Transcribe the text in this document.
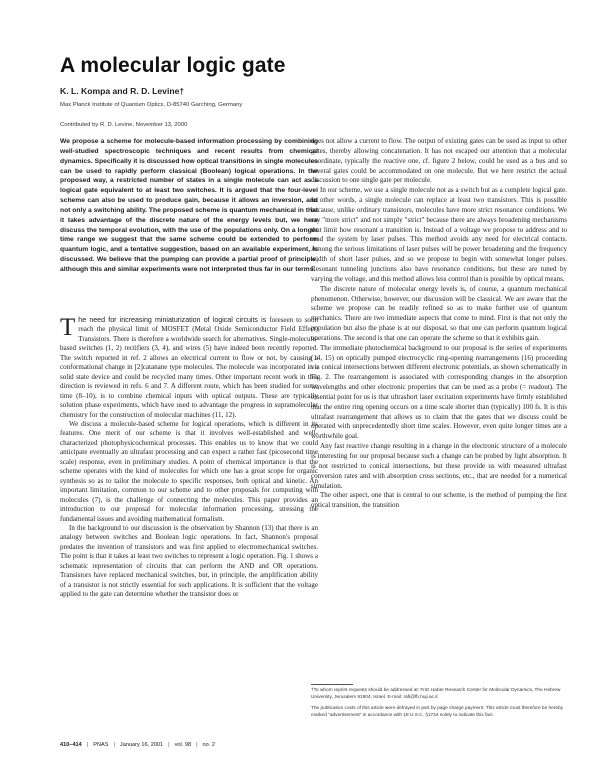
A molecular logic gate

K. L. Kompa and R. D. Levine†

Max Planck Institute of Quantum Optics, D-85740 Garching, Germany

Contributed by R. D. Levine, November 13, 2000

We propose a scheme for molecule-based information processing by combining well-studied spectroscopic techniques and recent results from chemical dynamics. Specifically it is discussed how optical transitions in single molecules can be used to rapidly perform classical (Boolean) logical operations. In the proposed way, a restricted number of states in a single molecule can act as a logical gate equivalent to at least two switches. It is argued that the four-level scheme can also be used to produce gain, because it allows an inversion, and not only a switching ability. The proposed scheme is quantum mechanical in that it takes advantage of the discrete nature of the energy levels but, we here discuss the temporal evolution, with the use of the populations only. On a longer time range we suggest that the same scheme could be extended to perform quantum logic, and a tentative suggestion, based on an available experiment, is discussed. We believe that the pumping can provide a partial proof of principle, although this and similar experiments were not interpreted thus far in our terms.

The need for increasing miniaturization of logical circuits is foreseen to soon reach the physical limit of MOSFET (Metal Oxide Semiconductor Field Effect) Transistors. There is therefore a worldwide search for alternatives. Single-molecule-based switches (1, 2) rectifiers (3, 4), and wires (5) have indeed been recently reported. The switch reported in ref. 2 allows an electrical current to flow or not, by causing a conformational change in [2]catanane type molecules. The molecule was incorporated in a solid state device and could be recycled many times. Other important recent work in this direction is reviewed in refs. 6 and 7. A different route, which has been studied for some time (8–10), is to combine chemical inputs with optical outputs. These are typically solution phase experiments, which have used to advantage the progress in supramolecular chemistry for the construction of molecular machines (11, 12).

We discuss a molecule-based scheme for logical operations, which is different in its features. One merit of our scheme is that it involves well-established and well-characterized photophysicochemical processes. This enables us to know that we could anticipate eventually an ultrafast processing and can expect a rather fast (picosecond time scale) response, even in preliminary studies. A point of chemical importance is that the scheme operates with the kind of molecules for which one has a great scope for organic synthesis so as to tailor the molecule to specific responses, both optical and kinetic. An important limitation, common to our scheme and to other proposals for computing with molecules (7), is the challenge of connecting the molecules. This paper provides an introduction to our proposal for molecular information processing, stressing the fundamental issues and avoiding mathematical formalism.

In the background to our discussion is the observation by Shannon (13) that there is an analogy between switches and Boolean logic operations. In fact, Shannon's proposal predates the invention of transistors and was first applied to electromechanical switches. The point is that it takes at least two switches to represent a logic operation. Fig. 1 shows a schematic representation of circuits that can perform the AND and OR operations. Transistors have replaced mechanical switches, but, in principle, the amplification ability of a transistor is not strictly essential for such applications. It is sufficient that the voltage applied to the gate can determine whether the transistor does or

does not allow a current to flow. The output of existing gates can be used as input to other gates, thereby allowing concatenation. It has not escaped our attention that a molecular coordinate, typically the reactive one, cf. figure 2 below, could be used as a bus and so several gates could be accommodated on one molecule. But we here restrict the actual discussion to one single gate per molecule.

In our scheme, we use a single molecule not as a switch but as a complete logical gate. In other words, a single molecule can replace at least two transistors. This is possible because, unlike ordinary transistors, molecules have more strict resonance conditions. We say "more strict" and not simply "strict" because there are always broadening mechanisms that limit how resonant a transition is. Instead of a voltage we propose to address and to read the system by laser pulses. This method avoids any need for electrical contacts. Among the serious limitations of laser pulses will be power broadening and the frequency width of short laser pulses, and so we propose to begin with somewhat longer pulses. Resonant tunneling junctions also have resonance conditions, but these are tuned by varying the voltage, and this method allows less control than is possible by optical means.

The discrete nature of molecular energy levels is, of course, a quantum mechanical phenomenon. Otherwise, however, our discussion will be classical. We are aware that the scheme we propose can be readily refined so as to make further use of quantum mechanics. There are two immediate aspects that come to mind. First is that not only the population but also the phase is at our disposal, so that one can perform quantum logical operations. The second is that one can operate the scheme so that it exhibits gain.

The immediate photochemical background to our proposal is the series of experiments (14, 15) on optically pumped electrocyclic ring-opening rearrangements (16) proceeding via conical intersections between different electronic potentials, as shown schematically in Fig. 2. The rearrangement is associated with corresponding changes in the absorption wavelengths and other electronic properties that can be used as a probe (= readout). The essential point for us is that ultrashort laser excitation experiments have firmly established that the entire ring opening occurs on a time scale shorter than (typically) 100 fs. It is this ultrafast rearrangement that allows us to claim that the gates that we discuss could be operated with unprecedentedly short time scales. However, even quite longer times are a worthwhile goal.

Any fast reactive change resulting in a change in the electronic structure of a molecule is interesting for our proposal because such a change can be probed by light absorption. It is not restricted to conical intersections, but these provide us with measured ultrafast conversion rates and with absorption cross sections, etc., that are needed for a numerical simulation.

The other aspect, one that is central to our scheme, is the method of pumping the first optical transition, the transition

†To whom reprint requests should be addressed at: Fritz Haber Research Center for Molecular Dynamics, The Hebrew University, Jerusalem 91904, Israel. E-mail: rafi@fh.huji.ac.il.

The publication costs of this article were defrayed in part by page charge payment. This article must therefore be hereby marked "advertisement" in accordance with 18 U.S.C. §1734 solely to indicate this fact.

410–414 | PNAS | January 16, 2001 | vol. 98 | no. 2
